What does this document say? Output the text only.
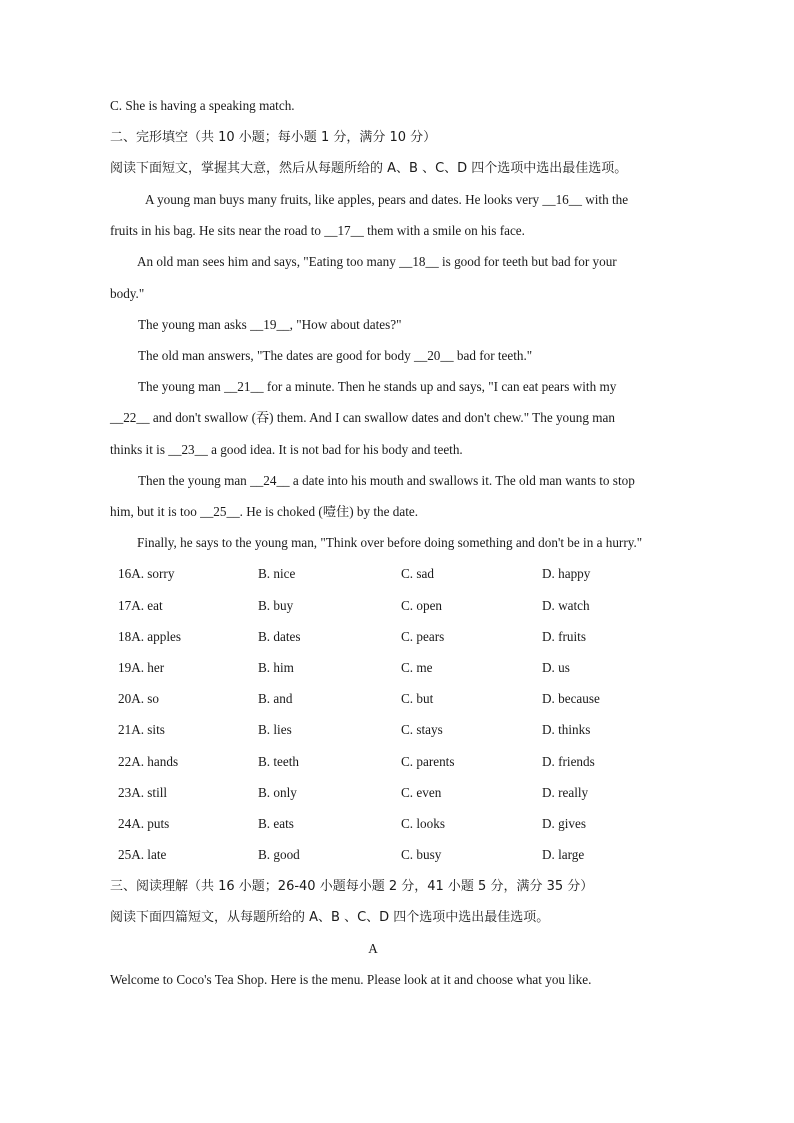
C. She is having a speaking match.
二、完形填空（共 10 小题；每小题 1 分，满分 10 分）
阅读下面短文，掌握其大意，然后从每题所给的 A、B 、C、D 四个选项中选出最佳选项。
A young man buys many fruits, like apples, pears and dates. He looks very __16__ with the
fruits in his bag. He sits near the road to __17__ them with a smile on his face.
An old man sees him and says, "Eating too many __18__ is good for teeth but bad for your
body."
The young man asks __19__, "How about dates?"
The old man answers, "The dates are good for body __20__ bad for teeth."
The young man __21__ for a minute. Then he stands up and says, "I can eat pears with my
__22__ and don't swallow (吞) them. And I can swallow dates and don't chew." The young man
thinks it is __23__ a good idea. It is not bad for his body and teeth.
Then the young man __24__ a date into his mouth and swallows it. The old man wants to stop
him, but it is too __25__. He is choked (噎住) by the date.
Finally, he says to the young man, "Think over before doing something and don't be in a hurry."
16A. sorry	B. nice	C. sad	D. happy
17A. eat	B. buy	C. open	D. watch
18A. apples	B. dates	C. pears	D. fruits
19A. her	B. him	C. me	D. us
20A. so	B. and	C. but	D. because
21A. sits	B. lies	C. stays	D. thinks
22A. hands	B. teeth	C. parents	D. friends
23A. still	B. only	C. even	D. really
24A. puts	B. eats	C. looks	D. gives
25A. late	B. good	C. busy	D. large
三、阅读理解（共 16 小题；26-40 小题每小题 2 分，41 小题 5 分，满分 35 分）
阅读下面四篇短文，从每题所给的 A、B 、C、D 四个选项中选出最佳选项。
A
Welcome to Coco's Tea Shop. Here is the menu. Please look at it and choose what you like.
